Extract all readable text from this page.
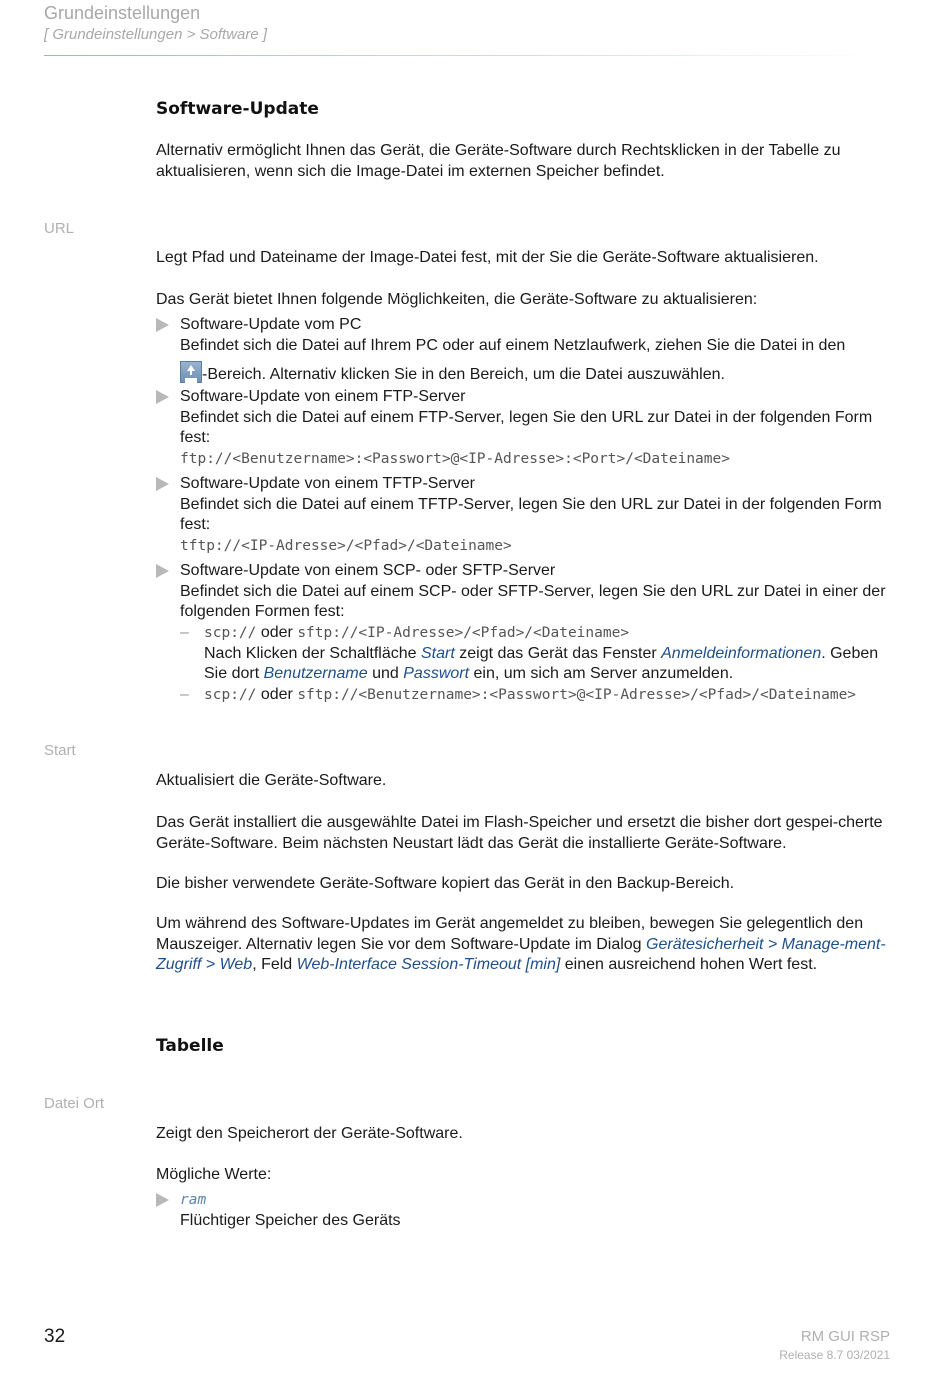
Grundeinstellungen
[ Grundeinstellungen > Software ]
Software-Update
Alternativ ermöglicht Ihnen das Gerät, die Geräte-Software durch Rechtsklicken in der Tabelle zu aktualisieren, wenn sich die Image-Datei im externen Speicher befindet.
URL
Legt Pfad und Dateiname der Image-Datei fest, mit der Sie die Geräte-Software aktualisieren.
Das Gerät bietet Ihnen folgende Möglichkeiten, die Geräte-Software zu aktualisieren:
Software-Update vom PC
Befindet sich die Datei auf Ihrem PC oder auf einem Netzlaufwerk, ziehen Sie die Datei in den
-Bereich. Alternativ klicken Sie in den Bereich, um die Datei auszuwählen.
Software-Update von einem FTP-Server
Befindet sich die Datei auf einem FTP-Server, legen Sie den URL zur Datei in der folgenden Form fest:
ftp://<Benutzername>:<Passwort>@<IP-Adresse>:<Port>/<Dateiname>
Software-Update von einem TFTP-Server
Befindet sich die Datei auf einem TFTP-Server, legen Sie den URL zur Datei in der folgenden Form fest:
tftp://<IP-Adresse>/<Pfad>/<Dateiname>
Software-Update von einem SCP- oder SFTP-Server
Befindet sich die Datei auf einem SCP- oder SFTP-Server, legen Sie den URL zur Datei in einer der folgenden Formen fest:
– scp:// oder sftp://<IP-Adresse>/<Pfad>/<Dateiname>
Nach Klicken der Schaltfläche Start zeigt das Gerät das Fenster Anmeldeinformationen. Geben Sie dort Benutzername und Passwort ein, um sich am Server anzumelden.
– scp:// oder sftp://<Benutzername>:<Passwort>@<IP-Adresse>/<Pfad>/<Dateiname>
Start
Aktualisiert die Geräte-Software.
Das Gerät installiert die ausgewählte Datei im Flash-Speicher und ersetzt die bisher dort gespei-cherte Geräte-Software. Beim nächsten Neustart lädt das Gerät die installierte Geräte-Software.
Die bisher verwendete Geräte-Software kopiert das Gerät in den Backup-Bereich.
Um während des Software-Updates im Gerät angemeldet zu bleiben, bewegen Sie gelegentlich den Mauszeiger. Alternativ legen Sie vor dem Software-Update im Dialog Gerätesicherheit > Manage-ment-Zugriff > Web, Feld Web-Interface Session-Timeout [min] einen ausreichend hohen Wert fest.
Tabelle
Datei Ort
Zeigt den Speicherort der Geräte-Software.
Mögliche Werte:
ram
Flüchtiger Speicher des Geräts
32	RM GUI RSP
Release 8.7 03/2021
